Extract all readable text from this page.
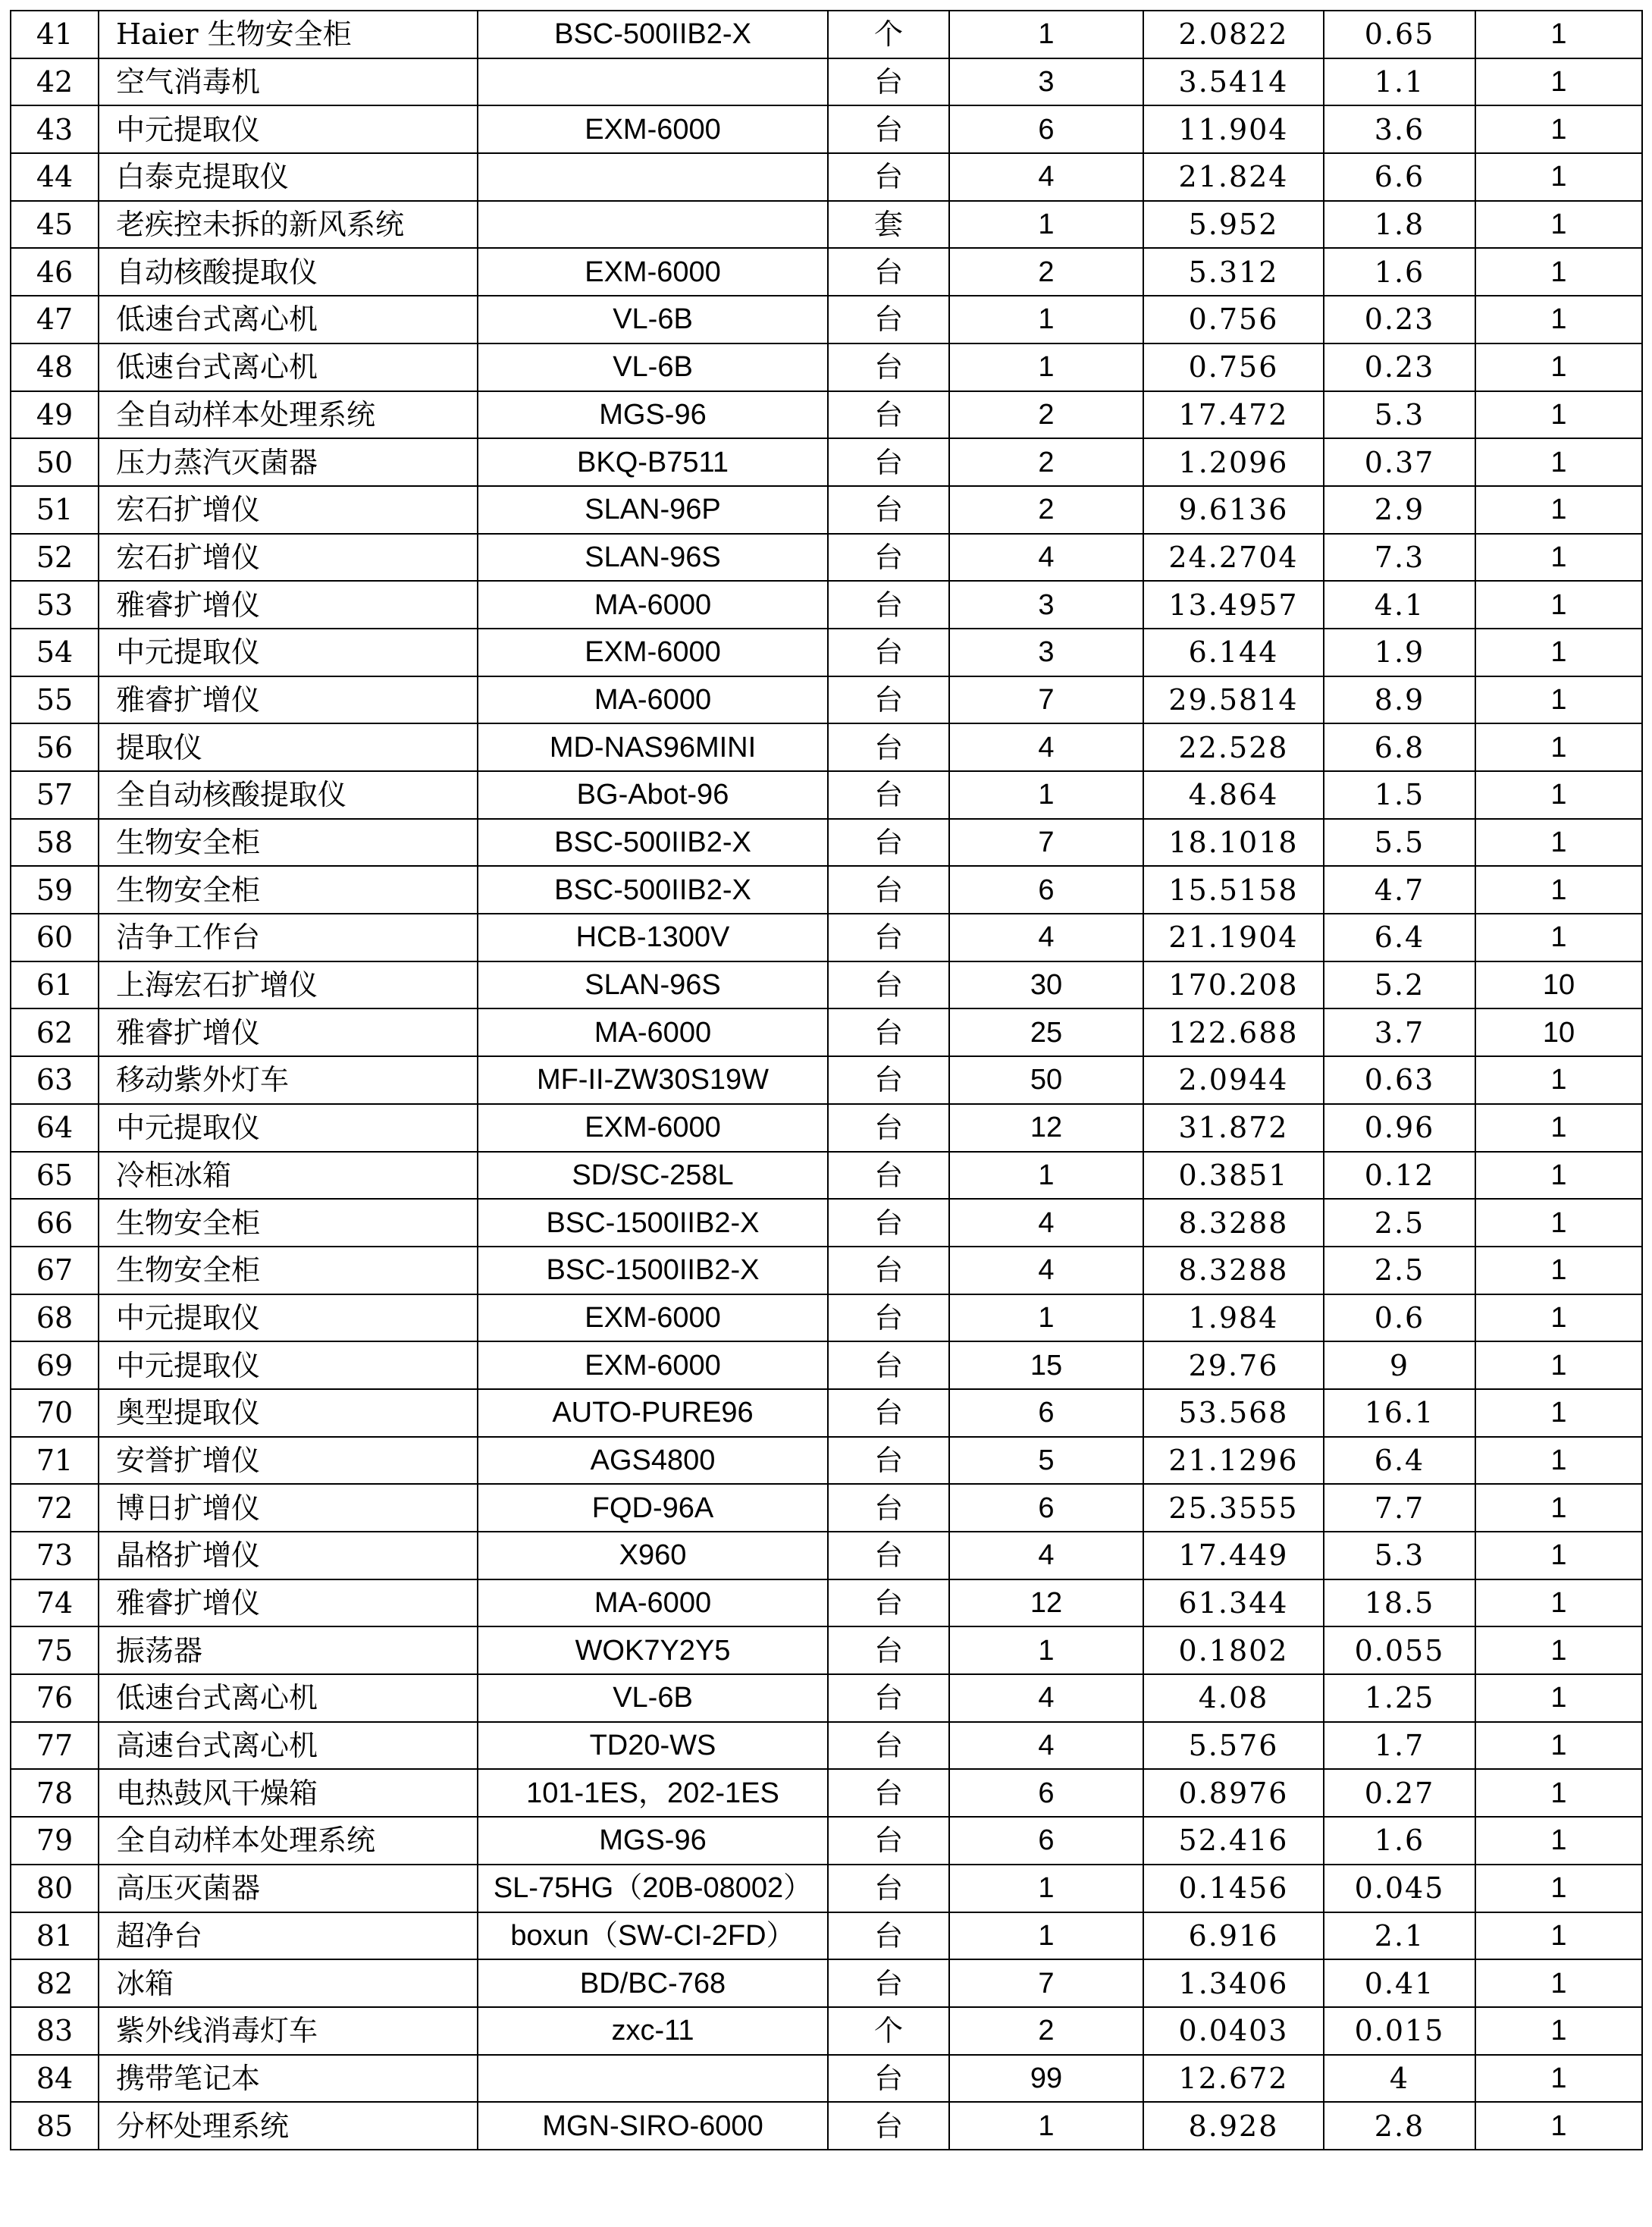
41	Haier 生物安全柜	BSC-500IIB2-X	个	1	2.0822	0.65	1
42	空气消毒机		台	3	3.5414	1.1	1
43	中元提取仪	EXM-6000	台	6	11.904	3.6	1
44	白泰克提取仪		台	4	21.824	6.6	1
45	老疾控未拆的新风系统		套	1	5.952	1.8	1
46	自动核酸提取仪	EXM-6000	台	2	5.312	1.6	1
47	低速台式离心机	VL-6B	台	1	0.756	0.23	1
48	低速台式离心机	VL-6B	台	1	0.756	0.23	1
49	全自动样本处理系统	MGS-96	台	2	17.472	5.3	1
50	压力蒸汽灭菌器	BKQ-B7511	台	2	1.2096	0.37	1
51	宏石扩增仪	SLAN-96P	台	2	9.6136	2.9	1
52	宏石扩增仪	SLAN-96S	台	4	24.2704	7.3	1
53	雅睿扩增仪	MA-6000	台	3	13.4957	4.1	1
54	中元提取仪	EXM-6000	台	3	6.144	1.9	1
55	雅睿扩增仪	MA-6000	台	7	29.5814	8.9	1
56	提取仪	MD-NAS96MINI	台	4	22.528	6.8	1
57	全自动核酸提取仪	BG-Abot-96	台	1	4.864	1.5	1
58	生物安全柜	BSC-500IIB2-X	台	7	18.1018	5.5	1
59	生物安全柜	BSC-500IIB2-X	台	6	15.5158	4.7	1
60	洁争工作台	HCB-1300V	台	4	21.1904	6.4	1
61	上海宏石扩增仪	SLAN-96S	台	30	170.208	5.2	10
62	雅睿扩增仪	MA-6000	台	25	122.688	3.7	10
63	移动紫外灯车	MF-II-ZW30S19W	台	50	2.0944	0.63	1
64	中元提取仪	EXM-6000	台	12	31.872	0.96	1
65	冷柜冰箱	SD/SC-258L	台	1	0.3851	0.12	1
66	生物安全柜	BSC-1500IIB2-X	台	4	8.3288	2.5	1
67	生物安全柜	BSC-1500IIB2-X	台	4	8.3288	2.5	1
68	中元提取仪	EXM-6000	台	1	1.984	0.6	1
69	中元提取仪	EXM-6000	台	15	29.76	9	1
70	奥型提取仪	AUTO-PURE96	台	6	53.568	16.1	1
71	安誉扩增仪	AGS4800	台	5	21.1296	6.4	1
72	博日扩增仪	FQD-96A	台	6	25.3555	7.7	1
73	晶格扩增仪	X960	台	4	17.449	5.3	1
74	雅睿扩增仪	MA-6000	台	12	61.344	18.5	1
75	振荡器	WOK7Y2Y5	台	1	0.1802	0.055	1
76	低速台式离心机	VL-6B	台	4	4.08	1.25	1
77	高速台式离心机	TD20-WS	台	4	5.576	1.7	1
78	电热鼓风干燥箱	101-1ES，202-1ES	台	6	0.8976	0.27	1
79	全自动样本处理系统	MGS-96	台	6	52.416	1.6	1
80	高压灭菌器	SL-75HG（20B-08002）	台	1	0.1456	0.045	1
81	超净台	boxun（SW-CI-2FD）	台	1	6.916	2.1	1
82	冰箱	BD/BC-768	台	7	1.3406	0.41	1
83	紫外线消毒灯车	zxc-11	个	2	0.0403	0.015	1
84	携带笔记本		台	99	12.672	4	1
85	分杯处理系统	MGN-SIRO-6000	台	1	8.928	2.8	1
